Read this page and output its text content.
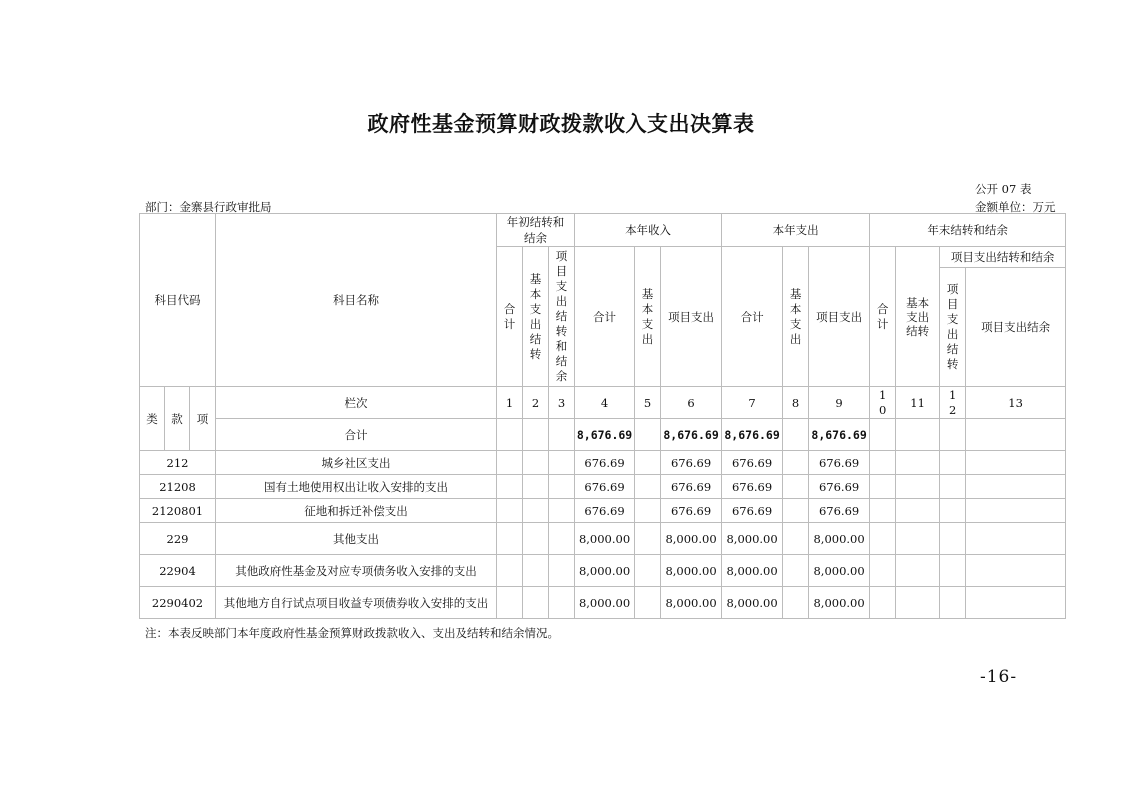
政府性基金预算财政拨款收入支出决算表
公开 07 表
金额单位：万元
部门：金寨县行政审批局
科目代码			科目名称	年初结转和结余			本年收入			本年支出			年末结转和结余			
				合计	基本支出结转	项目支出结转和结余	合计	基本支出	项目支出	合计	基本支出	项目支出	合计	基本支出结转	项目支出结转和结余	
															项目支出结转	项目支出结余
类	款	项	栏次	1	2	3	4	5	6	7	8	9	10	11	12	13
			合计				8,676.69		8,676.69	8,676.69		8,676.69				
212			城乡社区支出				676.69		676.69	676.69		676.69				
21208			国有土地使用权出让收入安排的支出				676.69		676.69	676.69		676.69				
2120801			征地和拆迁补偿支出				676.69		676.69	676.69		676.69				
229			其他支出				8,000.00		8,000.00	8,000.00		8,000.00				
22904			其他政府性基金及对应专项债务收入安排的支出				8,000.00		8,000.00	8,000.00		8,000.00				
2290402			其他地方自行试点项目收益专项债券收入安排的支出				8,000.00		8,000.00	8,000.00		8,000.00				
注：本表反映部门本年度政府性基金预算财政拨款收入、支出及结转和结余情况。
-16-
